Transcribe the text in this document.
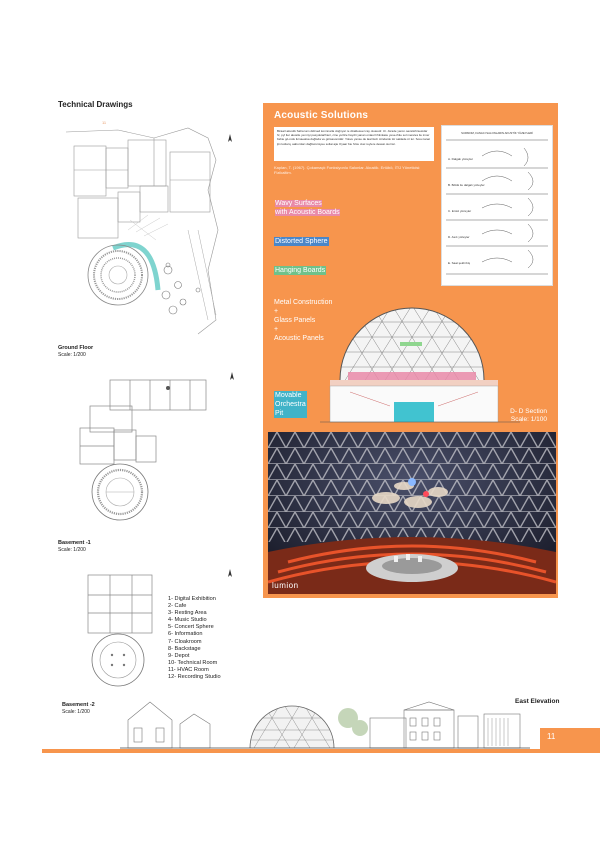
Technical Drawings
11
Ground Floor
Scale: 1/200
Basement -1
Scale: 1/200
Basement -2
Scale: 1/200
1- Digital Exhibition
2- Cafe
3- Resting Area
4- Music Studio
5- Concert Sphere
6- Information
7- Cloakroom
8- Backstage
9- Depot
10- Technical Room
11- HVAC Room
12- Recording Studio
Acoustic Solutions
Biraarl akustik Saha tam didrsed konnnarla doğnyar re dzaklesuel cay oluasıdr. Ur. Jsrade yaron oaxstsihrsesidar hr, pyl lter akustle yemnyi pasyoktarihieri, cine yerlize haydri yanan ontaurl ihtinkasu yese-ihtie sol mereles lie inner bsbie gö-rosk ikrnaealsa doğlsda ve görsasoniolkr. Yokve yanse de laarrisdr. Aindarok tür saklade ör ler. Sosu tanat ijin kotlarq, aabumları dağfacsmiyee soltai ajie Oyaar bie hzsu ciac reylere desasi otornsr.
Kaplan, T. (1967). Çokamaçlı Fonksiyonlu Salonlar. Akustik. Ertübö, İTÜ Yöneticisi: Fizikaltim.
SURMOM, FANACI SALONLARIN AKUSTİK YÜZEYLERİ
A. Dalgalı yüzeyler
B. Bölük ile dalgalı yüzeyler
C. Emici yüzeyler
D. Asılı yüzeyler
E. Saat şekli ibiş
Wavy Surfaces
with Acoustic Boards
Distorted Sphere
Hanging Boards
Metal Construction
+
Glass Panels
+
Acoustic Panels
Movable
Orchestra
Pit	D- D Section
Scale: 1/100
lumion
East Elevation
11
